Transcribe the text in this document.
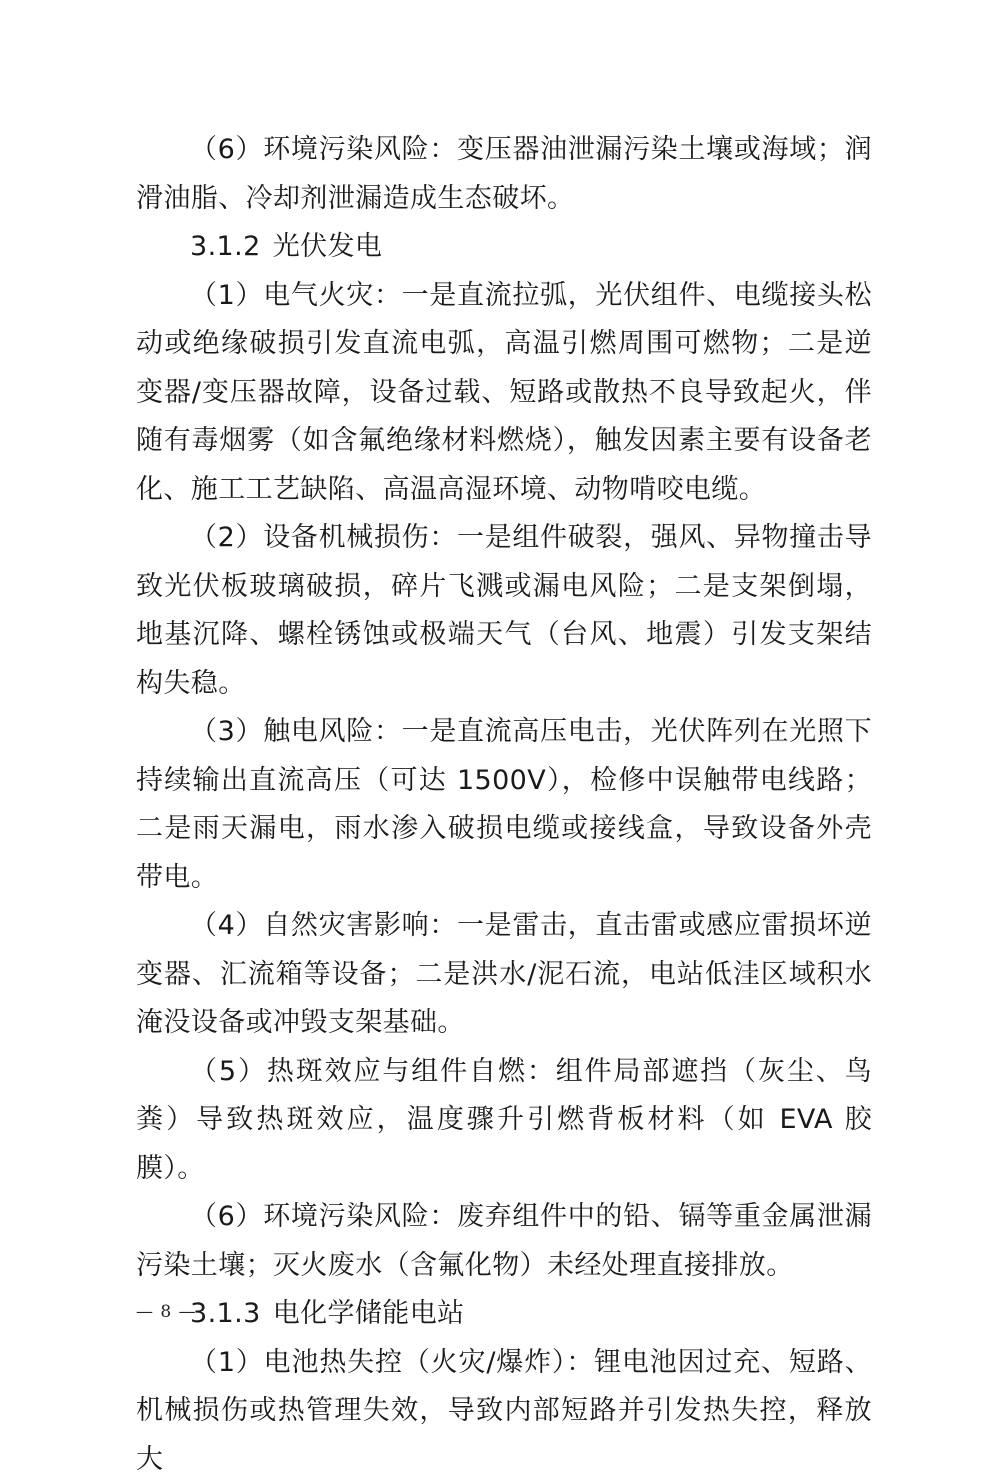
（6）环境污染风险：变压器油泄漏污染土壤或海域；润滑油脂、冷却剂泄漏造成生态破坏。

3.1.2 光伏发电

（1）电气火灾：一是直流拉弧，光伏组件、电缆接头松动或绝缘破损引发直流电弧，高温引燃周围可燃物；二是逆变器/变压器故障，设备过载、短路或散热不良导致起火，伴随有毒烟雾（如含氟绝缘材料燃烧），触发因素主要有设备老化、施工工艺缺陷、高温高湿环境、动物啃咬电缆。

（2）设备机械损伤：一是组件破裂，强风、异物撞击导致光伏板玻璃破损，碎片飞溅或漏电风险；二是支架倒塌，地基沉降、螺栓锈蚀或极端天气（台风、地震）引发支架结构失稳。

（3）触电风险：一是直流高压电击，光伏阵列在光照下持续输出直流高压（可达 1500V），检修中误触带电线路；二是雨天漏电，雨水渗入破损电缆或接线盒，导致设备外壳带电。

（4）自然灾害影响：一是雷击，直击雷或感应雷损坏逆变器、汇流箱等设备；二是洪水/泥石流，电站低洼区域积水淹没设备或冲毁支架基础。

（5）热斑效应与组件自燃：组件局部遮挡（灰尘、鸟粪）导致热斑效应，温度骤升引燃背板材料（如 EVA 胶膜）。

（6）环境污染风险：废弃组件中的铅、镉等重金属泄漏污染土壤；灭火废水（含氟化物）未经处理直接排放。

3.1.3 电化学储能电站

（1）电池热失控（火灾/爆炸）：锂电池因过充、短路、机械损伤或热管理失效，导致内部短路并引发热失控，释放大

— 8 —
